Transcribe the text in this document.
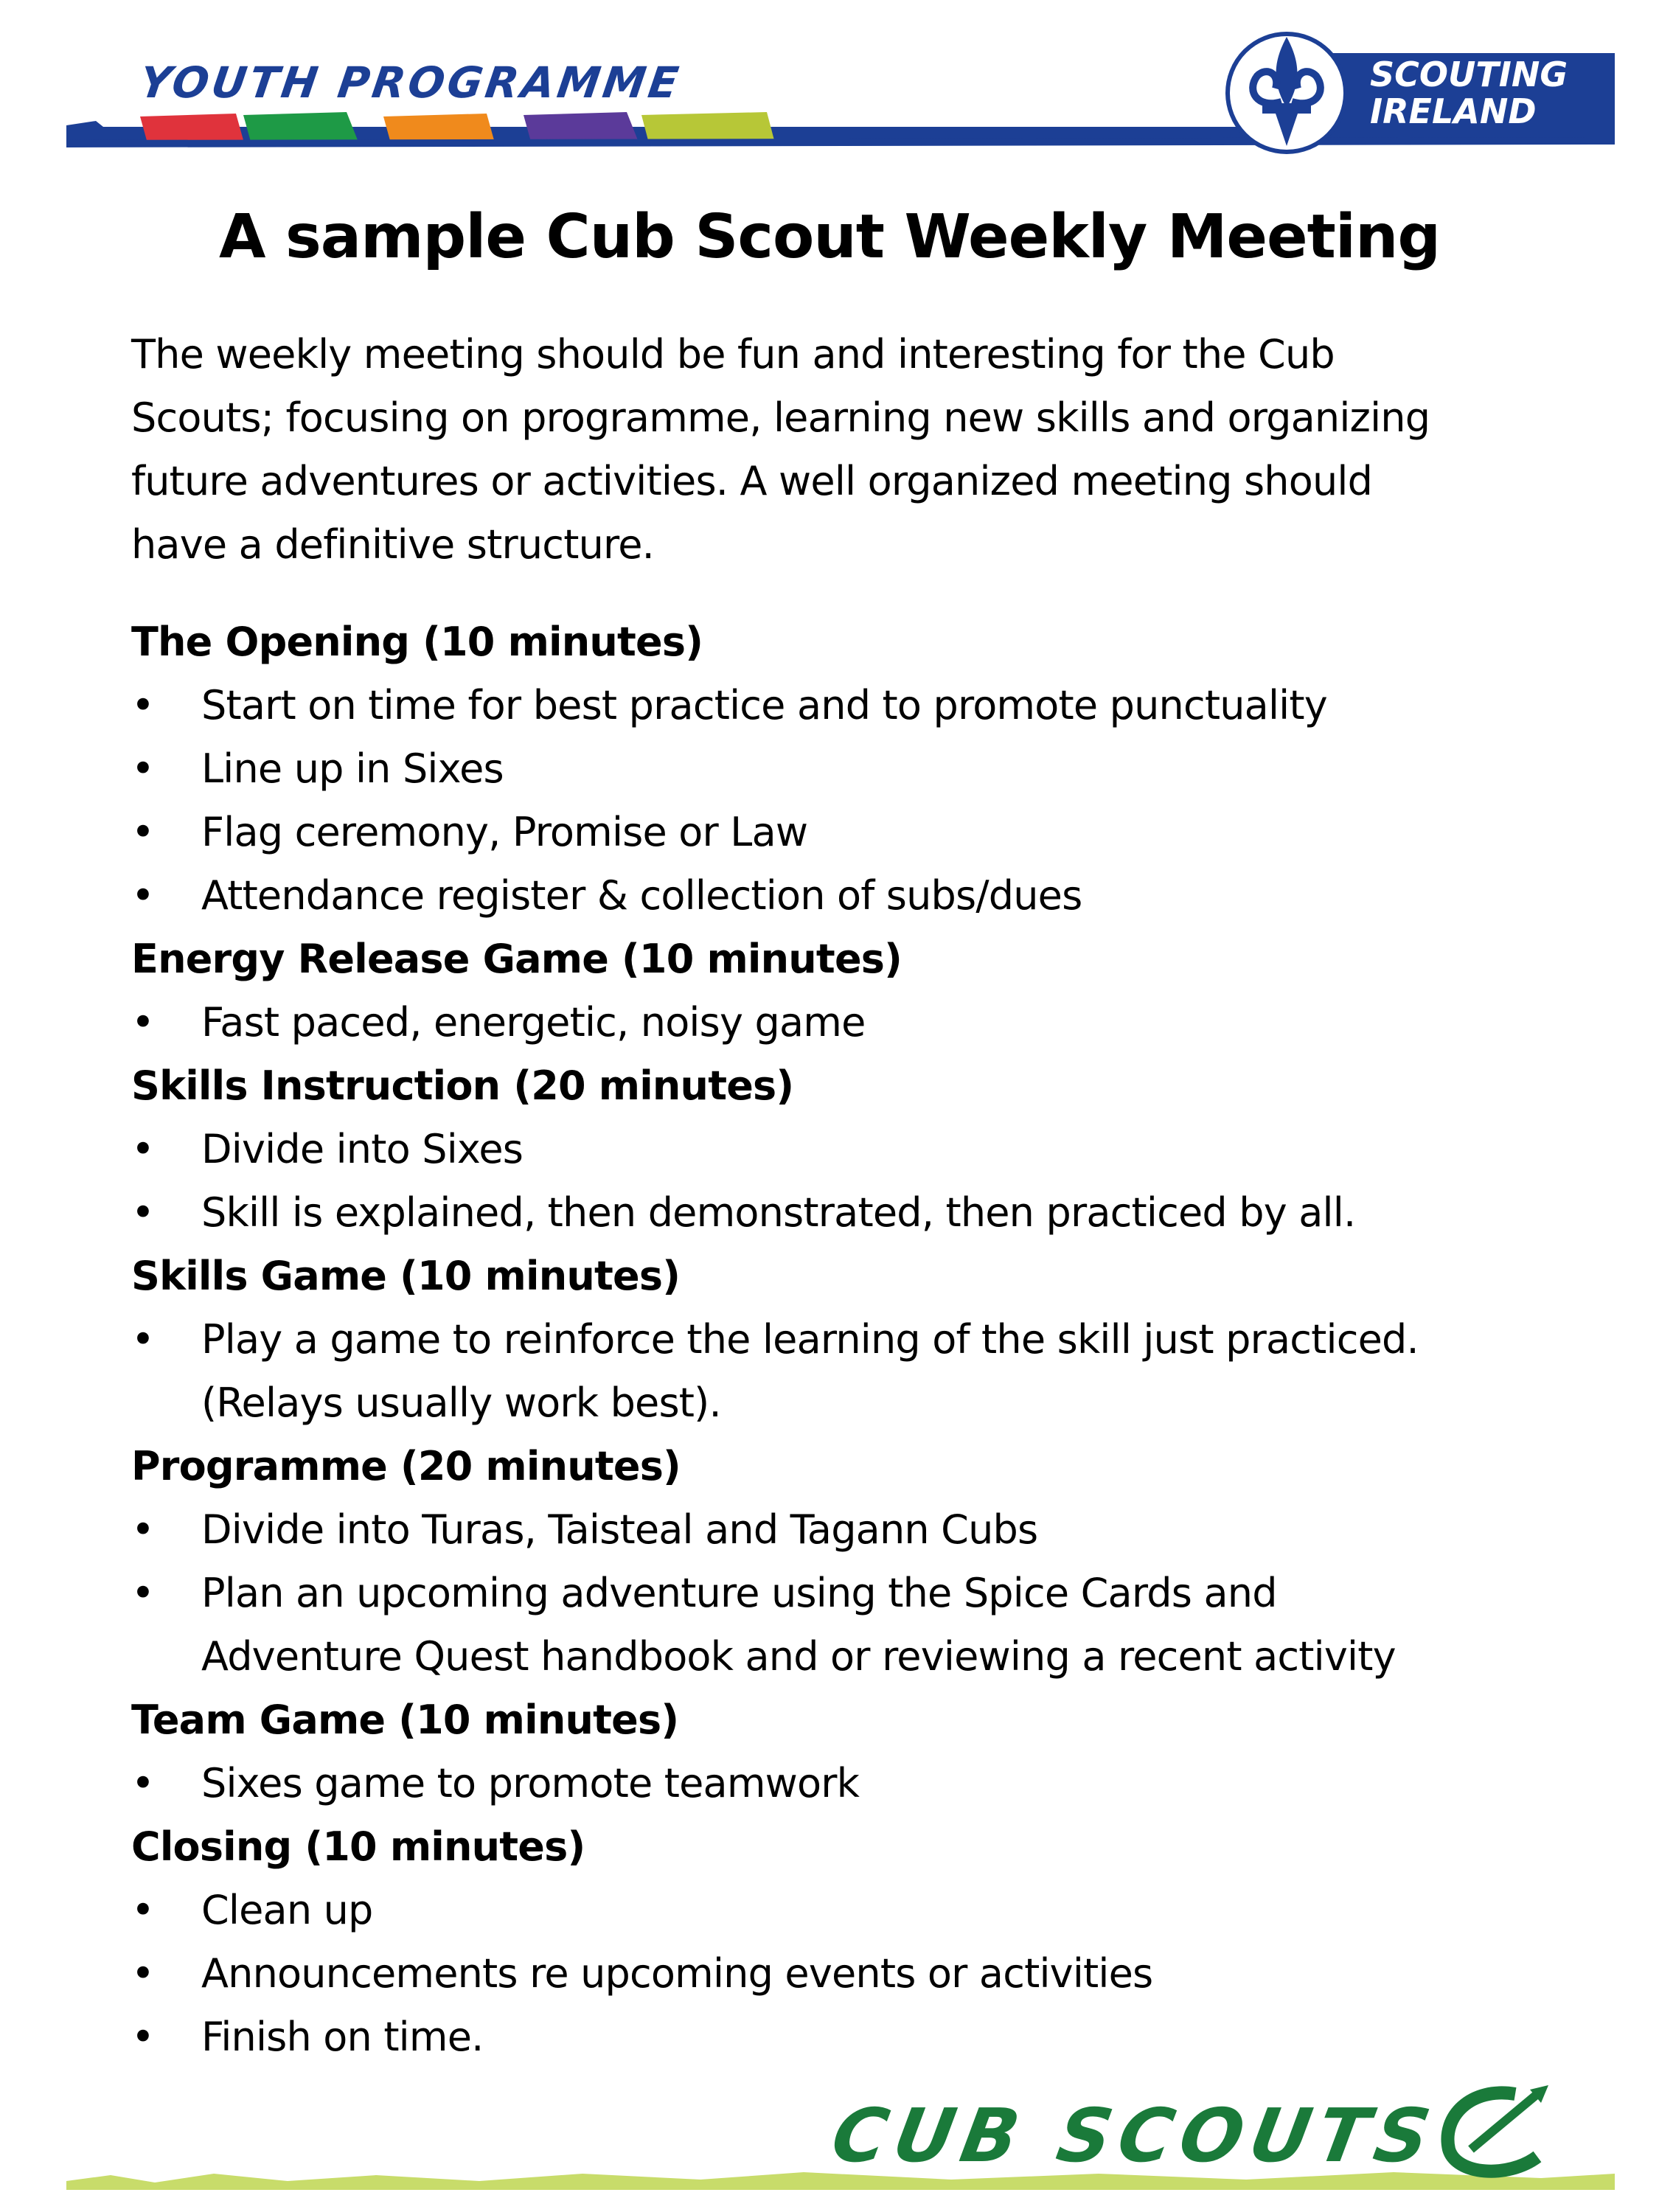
YOUTH PROGRAMME	SCOUTING
IRELAND
A sample Cub Scout Weekly Meeting
The weekly meeting should be fun and interesting for the Cub
Scouts; focusing on programme, learning new skills and organizing
future adventures or activities. A well organized meeting should
have a definitive structure.
The Opening (10 minutes)
• Start on time for best practice and to promote punctuality
• Line up in Sixes
• Flag ceremony, Promise or Law
• Attendance register & collection of subs/dues
Energy Release Game (10 minutes)
• Fast paced, energetic, noisy game
Skills Instruction (20 minutes)
• Divide into Sixes
• Skill is explained, then demonstrated, then practiced by all.
Skills Game (10 minutes)
• Play a game to reinforce the learning of the skill just practiced.
(Relays usually work best).
Programme (20 minutes)
• Divide into Turas, Taisteal and Tagann Cubs
• Plan an upcoming adventure using the Spice Cards and
Adventure Quest handbook and or reviewing a recent activity
Team Game (10 minutes)
• Sixes game to promote teamwork
Closing (10 minutes)
• Clean up
• Announcements re upcoming events or activities
• Finish on time.
CUB SCOUTS
